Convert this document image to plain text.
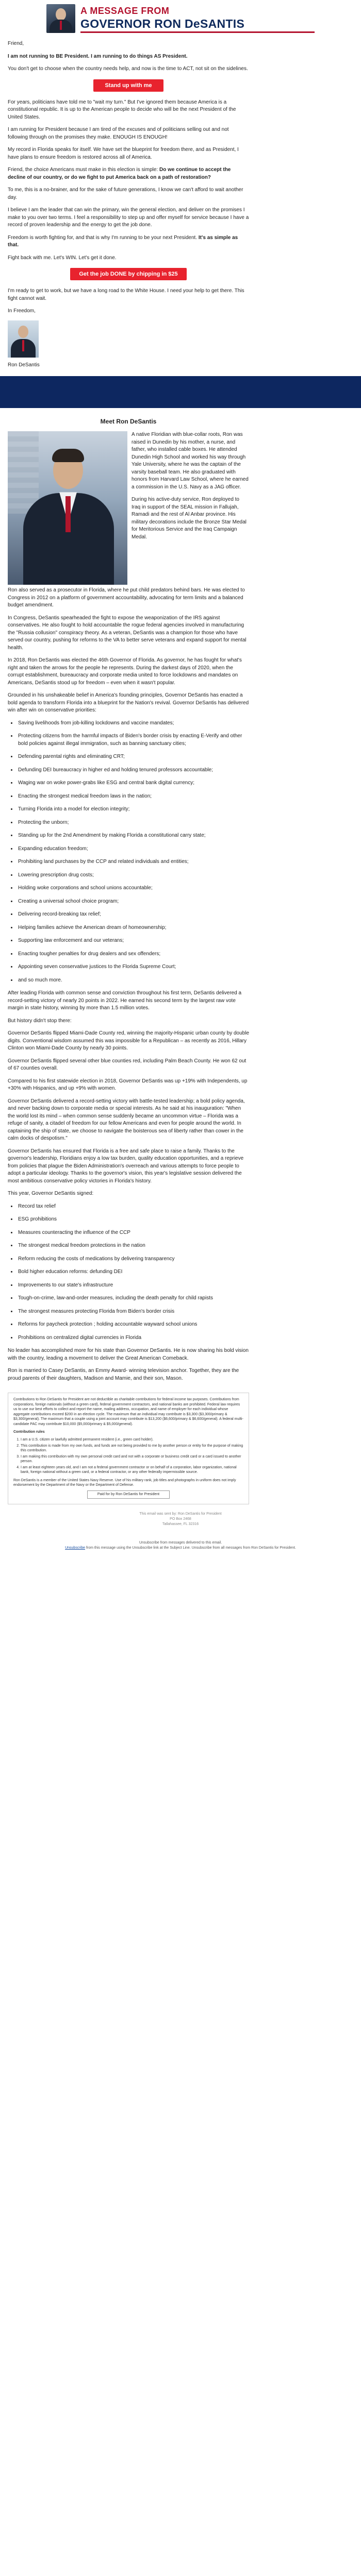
A MESSAGE FROM
GOVERNOR RON DeSANTIS

Friend,

I am not running to BE President. I am running to do things AS President.

You don't get to choose when the country needs help, and now is the time to ACT, not sit on the sidelines.

Stand up with me

For years, politicians have told me to "wait my turn." But I've ignored them because America is a constitutional republic. It is up to the American people to decide who will be the next President of the United States.

I am running for President because I am tired of the excuses and of politicians selling out and not following through on the promises they make. ENOUGH IS ENOUGH!

My record in Florida speaks for itself. We have set the blueprint for freedom there, and as President, I have plans to ensure freedom is restored across all of America.

Friend, the choice Americans must make in this election is simple: Do we continue to accept the decline of our country, or do we fight to put America back on a path of restoration?

To me, this is a no-brainer, and for the sake of future generations, I know we can't afford to wait another day.

I believe I am the leader that can win the primary, win the general election, and deliver on the promises I make to you over two terms. I feel a responsibility to step up and offer myself for service because I have a record of proven leadership and the energy to get the job done.

Freedom is worth fighting for, and that is why I'm running to be your next President. It's as simple as that.

Fight back with me. Let's WIN. Let's get it done.

Get the job DONE by chipping in $25

I'm ready to get to work, but we have a long road to the White House. I need your help to get there. This fight cannot wait.

In Freedom,

Ron DeSantis

Meet Ron DeSantis

A native Floridian with blue-collar roots, Ron was raised in Dunedin by his mother, a nurse, and father, who installed cable boxes. He attended Dunedin High School and worked his way through Yale University, where he was the captain of the varsity baseball team. He also graduated with honors from Harvard Law School, where he earned a commission in the U.S. Navy as a JAG officer.

During his active-duty service, Ron deployed to Iraq in support of the SEAL mission in Fallujah, Ramadi and the rest of Al Anbar province. His military decorations include the Bronze Star Medal for Meritorious Service and the Iraq Campaign Medal.

Ron also served as a prosecutor in Florida, where he put child predators behind bars. He was elected to Congress in 2012 on a platform of government accountability, advocating for term limits and a balanced budget amendment.

In Congress, DeSantis spearheaded the fight to expose the weaponization of the IRS against conservatives. He also fought to hold accountable the rogue federal agencies involved in manufacturing the "Russia collusion" conspiracy theory. As a veteran, DeSantis was a champion for those who have served our country, pushing for reforms to the VA to better serve veterans and expand support for mental health.

In 2018, Ron DeSantis was elected the 46th Governor of Florida. As governor, he has fought for what's right and taken the arrows for the people he represents. During the darkest days of 2020, when the corrupt establishment, bureaucracy and corporate media united to force lockdowns and mandates on Americans, DeSantis stood up for freedom – even when it wasn't popular.

Grounded in his unshakeable belief in America's founding principles, Governor DeSantis has enacted a bold agenda to transform Florida into a blueprint for the Nation's revival. Governor DeSantis has delivered win after win on conservative priorities:

• Saving livelihoods from job-killing lockdowns and vaccine mandates;
• Protecting citizens from the harmful impacts of Biden's border crisis by enacting E-Verify and other bold policies against illegal immigration, such as banning sanctuary cities;
• Defending parental rights and eliminating CRT;
• Defunding DEI bureaucracy in higher ed and holding tenured professors accountable;
• Waging war on woke power-grabs like ESG and central bank digital currency;
• Enacting the strongest medical freedom laws in the nation;
• Turning Florida into a model for election integrity;
• Protecting the unborn;
• Standing up for the 2nd Amendment by making Florida a constitutional carry state;
• Expanding education freedom;
• Prohibiting land purchases by the CCP and related individuals and entities;
• Lowering prescription drug costs;
• Holding woke corporations and school unions accountable;
• Creating a universal school choice program;
• Delivering record-breaking tax relief;
• Helping families achieve the American dream of homeownership;
• Supporting law enforcement and our veterans;
• Enacting tougher penalties for drug dealers and sex offenders;
• Appointing seven conservative justices to the Florida Supreme Court;
• and so much more.

After leading Florida with common sense and conviction throughout his first term, DeSantis delivered a record-setting victory of nearly 20 points in 2022. He earned his second term by the largest raw vote margin in state history, winning by more than 1.5 million votes.

But history didn't stop there:

Governor DeSantis flipped Miami-Dade County red, winning the majority-Hispanic urban county by double digits. Conventional wisdom assumed this was impossible for a Republican – as recently as 2016, Hillary Clinton won Miami-Dade County by nearly 30 points.

Governor DeSantis flipped several other blue counties red, including Palm Beach County. He won 62 out of 67 counties overall.

Compared to his first statewide election in 2018, Governor DeSantis was up +19% with Independents, up +30% with Hispanics, and up +9% with women.

Governor DeSantis delivered a record-setting victory with battle-tested leadership; a bold policy agenda, and never backing down to corporate media or special interests. As he said at his inauguration: "When the world lost its mind – when common sense suddenly became an uncommon virtue – Florida was a refuge of sanity, a citadel of freedom for our fellow Americans and even for people around the world. In captaining the ship of state, we choose to navigate the boisterous sea of liberty rather than cower in the calm docks of despotism."

Governor DeSantis has ensured that Florida is a free and safe place to raise a family. Thanks to the governor's leadership, Floridians enjoy a low tax burden, quality education opportunities, and a reprieve from policies that plague the Biden Administration's overreach and various attempts to force people to adopt a particular ideology. Thanks to the governor's vision, this year's legislative session delivered the most ambitious conservative policy victories in Florida's history.

This year, Governor DeSantis signed:

• Record tax relief
• ESG prohibitions
• Measures counteracting the influence of the CCP
• The strongest medical freedom protections in the nation
• Reform reducing the costs of medications by delivering transparency
• Bold higher education reforms: defunding DEI
• Improvements to our state's infrastructure
• Tough-on-crime, law-and-order measures, including the death penalty for child rapists
• The strongest measures protecting Florida from Biden's border crisis
• Reforms for paycheck protection ; holding accountable wayward school unions
• Prohibitions on centralized digital currencies in Florida

No leader has accomplished more for his state than Governor DeSantis. He is now sharing his bold vision with the country, leading a movement to deliver the Great American Comeback.

Ron is married to Casey DeSantis, an Emmy Award- winning television anchor. Together, they are the proud parents of their daughters, Madison and Mamie, and their son, Mason.

Contributions to Ron DeSantis for President are not deductible as charitable contributions for federal income tax purposes. Contributions from corporations, foreign nationals (without a green card), federal government contractors, and national banks are prohibited. Federal law requires us to use our best efforts to collect and report the name, mailing address, occupation, and name of employer for each individual whose aggregate contributions exceed $200 in an election cycle. The maximum that an individual may contribute is $3,300 ($3,300/primary & $3,300/general). The maximum that a couple using a joint account may contribute is $13,200 ($6,600/primary & $6,600/general). A federal multi-candidate PAC may contribute $10,000 ($5,000/primary & $5,000/general).

Contribution rules

1. I am a U.S. citizen or lawfully admitted permanent resident (i.e., green card holder).
2. This contribution is made from my own funds, and funds are not being provided to me by another person or entity for the purpose of making this contribution.
3. I am making this contribution with my own personal credit card and not with a corporate or business credit card or a card issued to another person.
4. I am at least eighteen years old, and I am not a federal government contractor or on behalf of a corporation, labor organization, national bank, foreign national without a green card, or a federal contractor, or any other federally impermissible source.

Ron DeSantis is a member of the United States Navy Reserve. Use of his military rank, job titles and photographs in uniform does not imply endorsement by the Department of the Navy or the Department of Defense.

Paid for by Ron DeSantis for President
This email was sent by: Ron DeSantis for President
PO Box 2468
Tallahassee, FL 32316
Unsubscribe from messages delivered to this email.
Unsubscribe from this message using the Unsubscribe link at the Subject Line. Unsubscribe from all messages from Ron DeSantis for President.
